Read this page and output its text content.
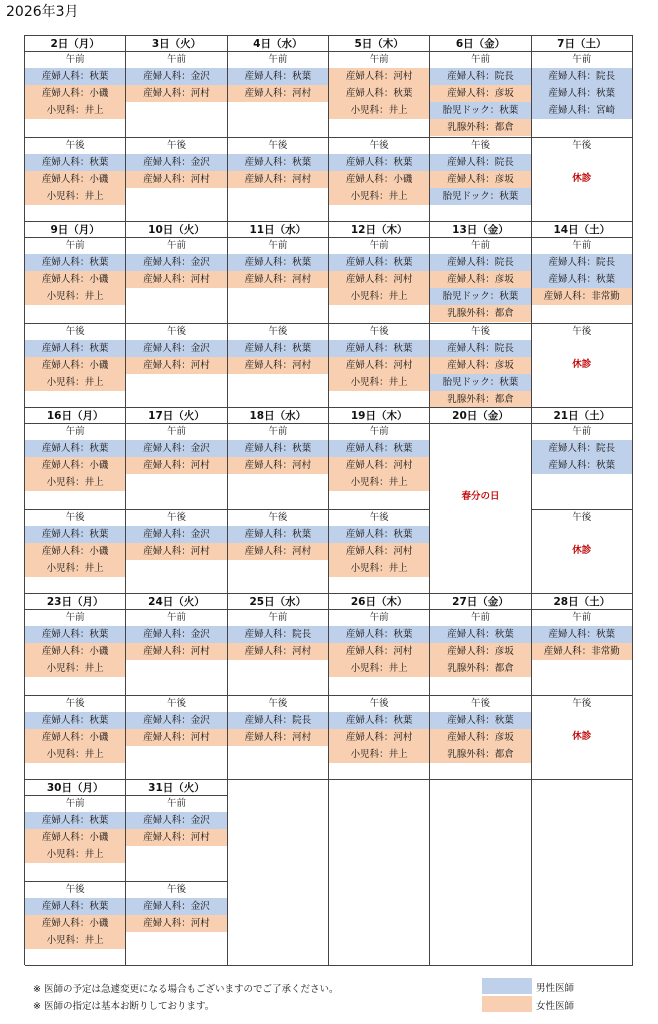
2026年3月
2日（月）
午前
産婦人科：秋葉
産婦人科：小磯
小児科：井上
午後
産婦人科：秋葉
産婦人科：小磯
小児科：井上
3日（火）
午前
産婦人科：金沢
産婦人科：河村
午後
産婦人科：金沢
産婦人科：河村
4日（水）
午前
産婦人科：秋葉
産婦人科：河村
午後
産婦人科：秋葉
産婦人科：河村
5日（木）
午前
産婦人科：河村
産婦人科：秋葉
小児科：井上
午後
産婦人科：秋葉
産婦人科：小磯
小児科：井上
6日（金）
午前
産婦人科：院長
産婦人科：彦坂
胎児ドック：秋葉
乳腺外科：都倉
午後
産婦人科：院長
産婦人科：彦坂
胎児ドック：秋葉
7日（土）
午前
産婦人科：院長
産婦人科：秋葉
産婦人科：宮崎
午後
休診
9日（月）
午前
産婦人科：秋葉
産婦人科：小磯
小児科：井上
午後
産婦人科：秋葉
産婦人科：小磯
小児科：井上
10日（火）
午前
産婦人科：金沢
産婦人科：河村
午後
産婦人科：金沢
産婦人科：河村
11日（水）
午前
産婦人科：秋葉
産婦人科：河村
午後
産婦人科：秋葉
産婦人科：河村
12日（木）
午前
産婦人科：秋葉
産婦人科：河村
小児科：井上
午後
産婦人科：秋葉
産婦人科：河村
小児科：井上
13日（金）
午前
産婦人科：院長
産婦人科：彦坂
胎児ドック：秋葉
乳腺外科：都倉
午後
産婦人科：院長
産婦人科：彦坂
胎児ドック：秋葉
乳腺外科：都倉
14日（土）
午前
産婦人科：院長
産婦人科：秋葉
産婦人科：非常勤
午後
休診
16日（月）
午前
産婦人科：秋葉
産婦人科：小磯
小児科：井上
午後
産婦人科：秋葉
産婦人科：小磯
小児科：井上
17日（火）
午前
産婦人科：金沢
産婦人科：河村
午後
産婦人科：金沢
産婦人科：河村
18日（水）
午前
産婦人科：秋葉
産婦人科：河村
午後
産婦人科：秋葉
産婦人科：河村
19日（木）
午前
産婦人科：秋葉
産婦人科：河村
小児科：井上
午後
産婦人科：秋葉
産婦人科：河村
小児科：井上
20日（金）
春分の日
21日（土）
午前
産婦人科：院長
産婦人科：秋葉
午後
休診
23日（月）
午前
産婦人科：秋葉
産婦人科：小磯
小児科：井上
午後
産婦人科：秋葉
産婦人科：小磯
小児科：井上
24日（火）
午前
産婦人科：金沢
産婦人科：河村
午後
産婦人科：金沢
産婦人科：河村
25日（水）
午前
産婦人科：院長
産婦人科：河村
午後
産婦人科：院長
産婦人科：河村
26日（木）
午前
産婦人科：秋葉
産婦人科：河村
小児科：井上
午後
産婦人科：秋葉
産婦人科：河村
小児科：井上
27日（金）
午前
産婦人科：秋葉
産婦人科：彦坂
乳腺外科：都倉
午後
産婦人科：秋葉
産婦人科：彦坂
乳腺外科：都倉
28日（土）
午前
産婦人科：秋葉
産婦人科：非常勤
午後
休診
30日（月）
午前
産婦人科：秋葉
産婦人科：小磯
小児科：井上
午後
産婦人科：秋葉
産婦人科：小磯
小児科：井上
31日（火）
午前
産婦人科：金沢
産婦人科：河村
午後
産婦人科：金沢
産婦人科：河村
※ 医師の予定は急遽変更になる場合もございますのでご了承ください。
※ 医師の指定は基本お断りしております。
男性医師
女性医師
